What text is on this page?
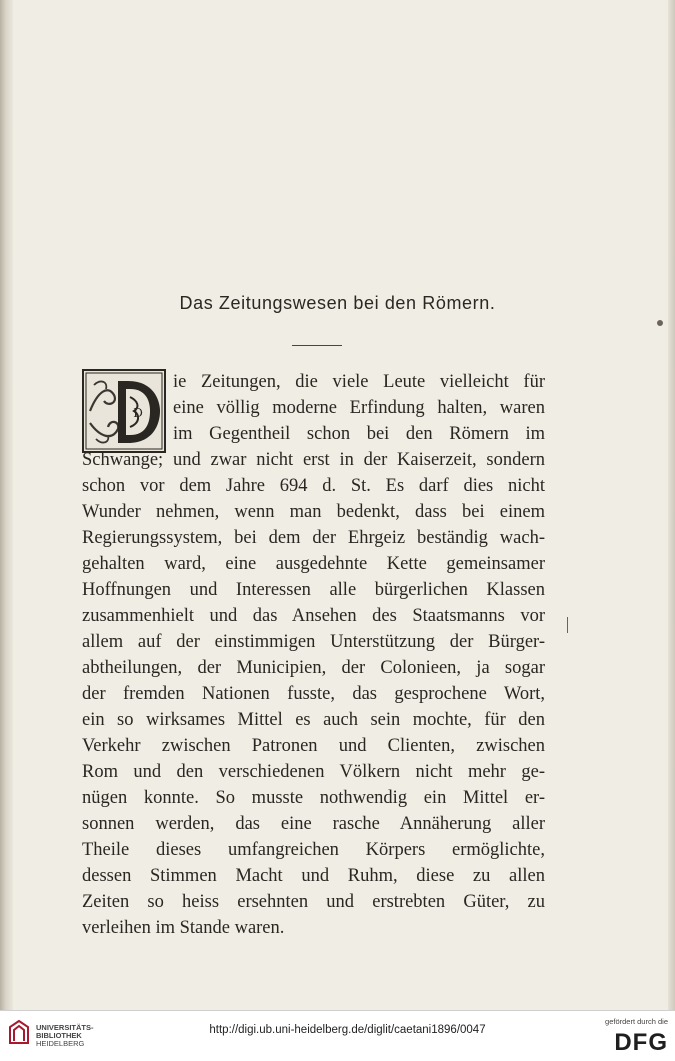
Das Zeitungswesen bei den Römern.
D
ie Zeitungen, die viele Leute vielleicht für
eine völlig moderne Erfindung halten, waren
im Gegentheil schon bei den Römern im
Schwange; und zwar nicht erst in der Kaiserzeit, sondern
schon vor dem Jahre 694 d. St. Es darf dies nicht
Wunder nehmen, wenn man bedenkt, dass bei einem
Regierungssystem, bei dem der Ehrgeiz beständig wach-
gehalten ward, eine ausgedehnte Kette gemeinsamer
Hoffnungen und Interessen alle bürgerlichen Klassen
zusammenhielt und das Ansehen des Staatsmanns vor
allem auf der einstimmigen Unterstützung der Bürger-
abtheilungen, der Municipien, der Colonieen, ja sogar
der fremden Nationen fusste, das gesprochene Wort,
ein so wirksames Mittel es auch sein mochte, für den
Verkehr zwischen Patronen und Clienten, zwischen
Rom und den verschiedenen Völkern nicht mehr ge-
nügen konnte. So musste nothwendig ein Mittel er-
sonnen werden, das eine rasche Annäherung aller
Theile dieses umfangreichen Körpers ermöglichte,
dessen Stimmen Macht und Ruhm, diese zu allen
Zeiten so heiss ersehnten und erstrebten Güter, zu
verleihen im Stande waren.
UNIVERSITÄTS-
BIBLIOTHEK
HEIDELBERG
http://digi.ub.uni-heidelberg.de/diglit/caetani1896/0047
gefördert durch die
DFG
